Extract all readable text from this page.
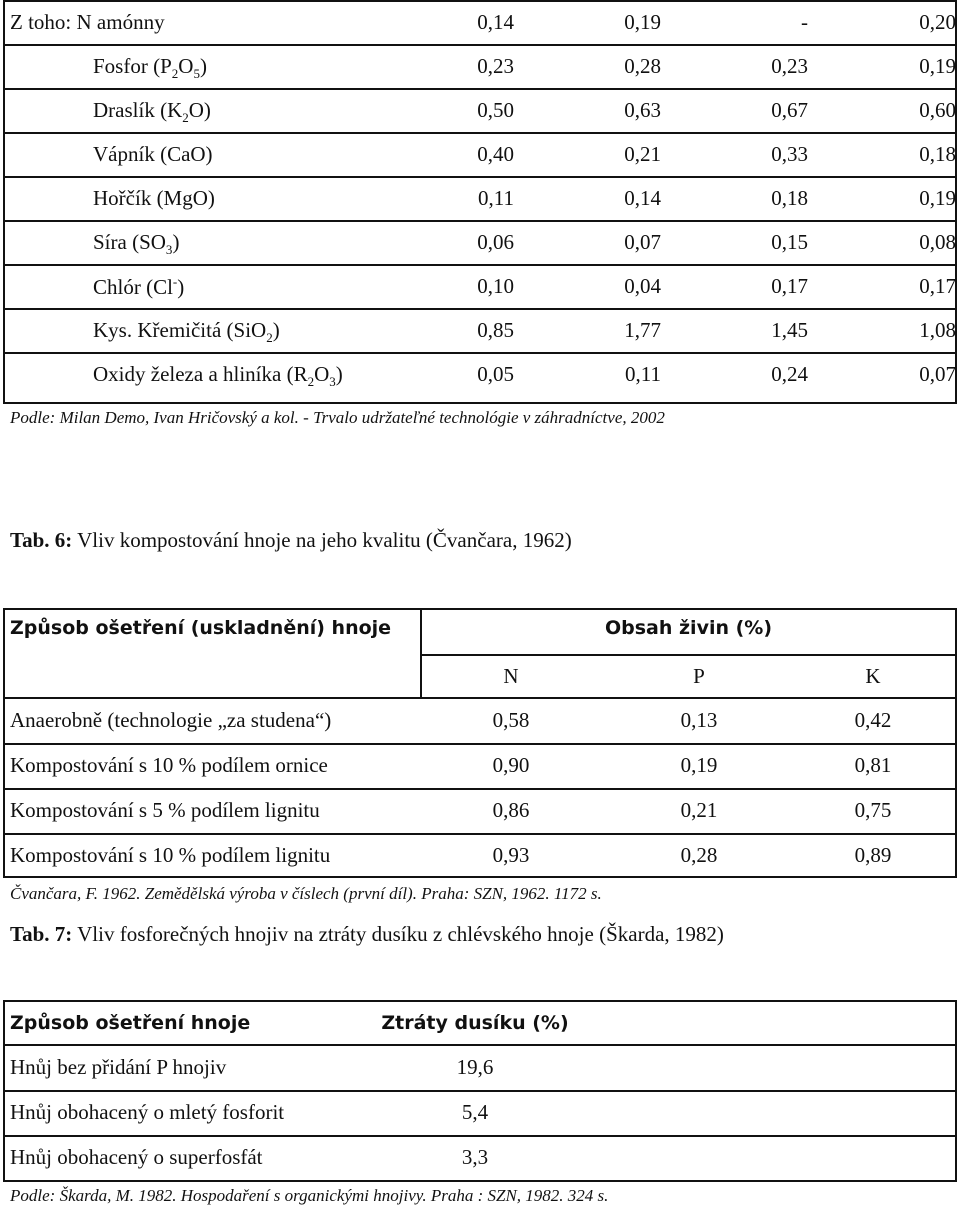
Z toho: N amónny	0,14	0,19	-	0,20
Fosfor $(P_2O_5)$	0,23	0,28	0,23	0,19
Draslík $(K_2O)$	0,50	0,63	0,67	0,60
Vápník (CaO)	0,40	0,21	0,33	0,18
Hořčík (MgO)	0,11	0,14	0,18	0,19
Síra $(SO_3)$	0,06	0,07	0,15	0,08
Chlór (Cl-)	0,10	0,04	0,17	0,17
Kys. Křemičitá (SiO$_2$)	0,85	1,77	1,45	1,08
Oxidy železa a hliníka $(R_2O_3)$	0,05	0,11	0,24	0,07
Podle: Milan Demo, Ivan Hričovský a kol. - Trvalo udržateľné technológie v záhradníctve, 2002
Tab. 6: Vliv kompostování hnoje na jeho kvalitu (Čvančara, 1962)
Způsob ošetření (uskladnění) hnoje	Obsah živin (%)
N	P	K
Anaerobně (technologie „za studena“)	0,58	0,13	0,42
Kompostování s 10 % podílem ornice	0,90	0,19	0,81
Kompostování s 5 % podílem lignitu	0,86	0,21	0,75
Kompostování s 10 % podílem lignitu	0,93	0,28	0,89
Čvančara, F. 1962. Zemědělská výroba v číslech (první díl). Praha: SZN, 1962. 1172 s.
Tab. 7: Vliv fosforečných hnojiv na ztráty dusíku z chlévského hnoje (Škarda, 1982)
Způsob ošetření hnoje	Ztráty dusíku (%)
Hnůj bez přidání P hnojiv	19,6
Hnůj obohacený o mletý fosforit	5,4
Hnůj obohacený o superfosfát	3,3
Podle: Škarda, M. 1982. Hospodaření s organickými hnojivy. Praha : SZN, 1982. 324 s.
